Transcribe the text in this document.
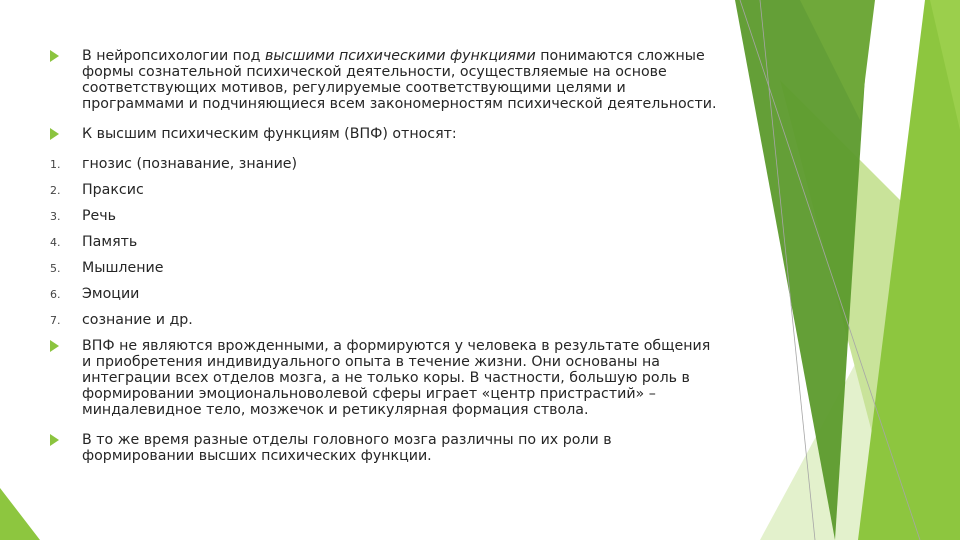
В нейропсихологии под высшими психическими функциями понимаются сложные формы сознательной психической деятельности, осуществляемые на основе соответствующих мотивов, регулируемые соответствующими целями и программами и подчиняющиеся всем закономерностям психической деятельности.
К высшим психическим функциям (ВПФ) относят:
1. гнозис (познавание, знание)
2. Праксис
3. Речь
4. Память
5. Мышление
6. Эмоции
7. сознание и др.
ВПФ не являются врожденными, а формируются у человека в результате общения и приобретения индивидуального опыта в течение жизни. Они основаны на интеграции всех отделов мозга, а не только коры. В частности, большую роль в формировании эмоциональноволевой сферы играет «центр пристрастий» – миндалевидное тело, мозжечок и ретикулярная формация ствола.
В то же время разные отделы головного мозга различны по их роли в формировании высших психических функции.
